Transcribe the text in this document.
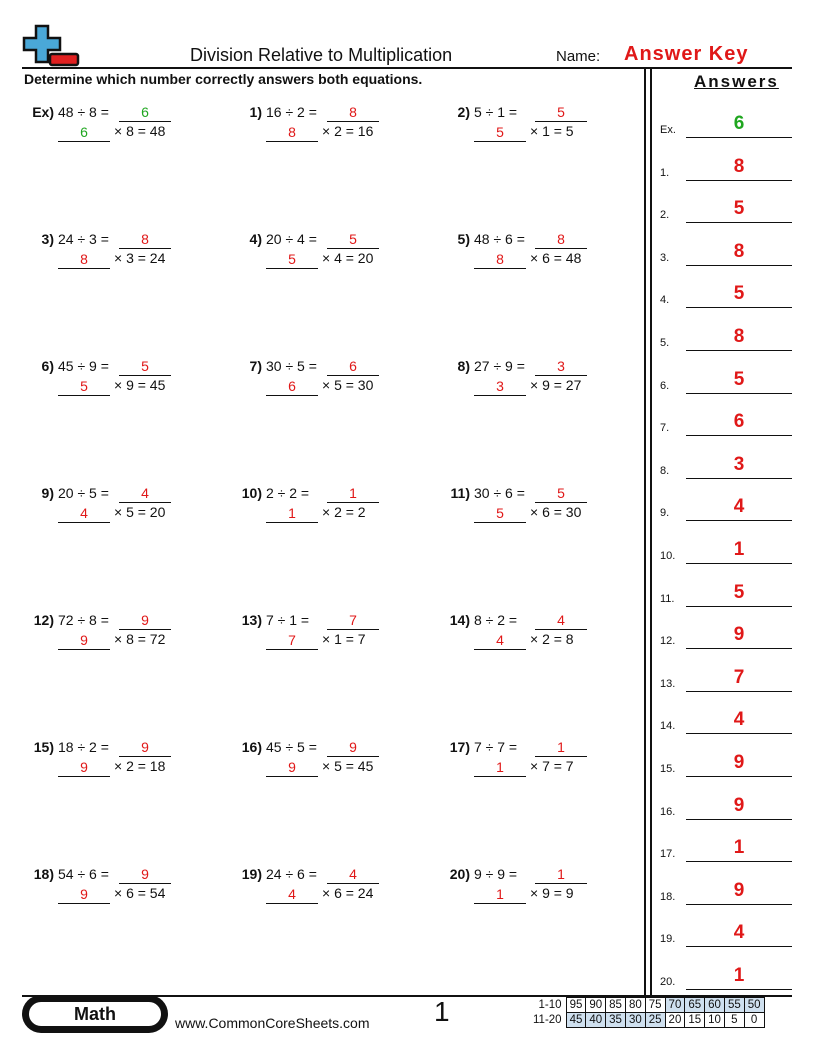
Division Relative to Multiplication	Name: Answer Key
Determine which number correctly answers both equations.	Answers
Ex) 48 ÷ 8 =	6
6	× 8 = 48
1) 16 ÷ 2 =	8
8	× 2 = 16
2) 5 ÷ 1 =	5
5	× 1 = 5
3) 24 ÷ 3 =	8
8	× 3 = 24
4) 20 ÷ 4 =	5
5	× 4 = 20
5) 48 ÷ 6 =	8
8	× 6 = 48
6) 45 ÷ 9 =	5
5	× 9 = 45
7) 30 ÷ 5 =	6
6	× 5 = 30
8) 27 ÷ 9 =	3
3	× 9 = 27
9) 20 ÷ 5 =	4
4	× 5 = 20
10) 2 ÷ 2 =	1
1	× 2 = 2
11) 30 ÷ 6 =	5
5	× 6 = 30
12) 72 ÷ 8 =	9
9	× 8 = 72
13) 7 ÷ 1 =	7
7	× 1 = 7
14) 8 ÷ 2 =	4
4	× 2 = 8
15) 18 ÷ 2 =	9
9	× 2 = 18
16) 45 ÷ 5 =	9
9	× 5 = 45
17) 7 ÷ 7 =	1
1	× 7 = 7
18) 54 ÷ 6 =	9
9	× 6 = 54
19) 24 ÷ 6 =	4
4	× 6 = 24
20) 9 ÷ 9 =	1
1	× 9 = 9
Ex.	6
1.	8
2.	5
3.	8
4.	5
5.	8
6.	5
7.	6
8.	3
9.	4
10.	1
11.	5
12.	9
13.	7
14.	4
15.	9
16.	9
17.	1
18.	9
19.	4
20.	1
Math	www.CommonCoreSheets.com 1	1-10	95	90	85	80	75	70	65	60	55	50
11-20	45	40	35	30	25	20	15	10	5	0
